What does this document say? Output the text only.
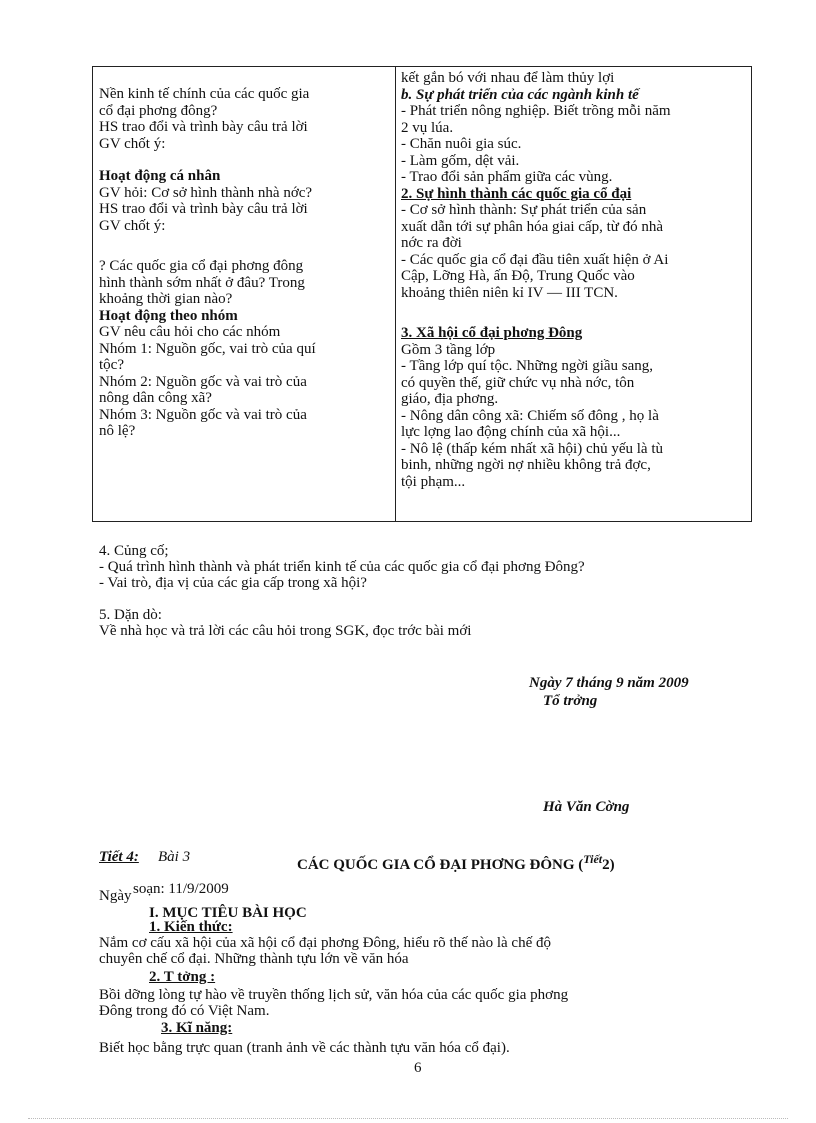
Nền kinh tế chính của các quốc gia
cổ đại phơng đông?
HS trao đổi và trình bày câu trả lời
GV chốt ý:
Hoạt động cá nhân
GV hỏi: Cơ sở hình thành nhà nớc?
HS trao đổi và trình bày câu trả lời
GV chốt ý:
? Các quốc gia cổ đại phơng đông
hình thành sớm nhất ở đâu? Trong
khoảng thời gian nào?
Hoạt động theo nhóm
GV nêu câu hỏi cho các nhóm
Nhóm 1: Nguồn gốc, vai trò của quí
tộc?
Nhóm 2: Nguồn gốc và vai trò của
nông dân công xã?
Nhóm 3: Nguồn gốc và vai trò của
nô lệ?
kết gắn bó với nhau để làm thủy lợi
b. Sự phát triển của các ngành kinh tế
- Phát triển nông nghiệp. Biết trồng mỗi năm
2 vụ lúa.
- Chăn nuôi gia súc.
- Làm gốm, dệt vải.
- Trao đổi sản phẩm giữa các vùng.
2. Sự hình thành các quốc gia cổ đại
- Cơ sở hình thành: Sự phát triển của sản
xuất dẫn tới sự phân hóa giai cấp, từ đó nhà
nớc ra đời
- Các quốc gia cổ đại đầu tiên xuất hiện ở Ai
Cập, Lỡng Hà, ấn Độ, Trung Quốc vào
khoảng thiên niên kỉ IV — III TCN.
3. Xã hội cổ đại phơng Đông
Gồm 3 tầng lớp
- Tầng lớp quí tộc. Những ngời giầu sang,
có quyền thế, giữ chức vụ nhà nớc, tôn
giáo, địa phơng.
- Nông dân công xã: Chiếm số đông , họ là
lực lợng lao động chính của xã hội...
- Nô lệ (thấp kém nhất xã hội) chủ yếu là tù
binh, những ngời nợ nhiều không trả đợc,
tội phạm...
4. Củng cố;
- Quá trình hình thành và phát triển kinh tế của các quốc gia cổ đại phơng Đông?
- Vai trò, địa vị của các gia cấp trong xã hội?
5. Dặn dò:
Về nhà học và trả lời các câu hỏi trong SGK, đọc trớc bài mới
Ngày 7 tháng 9 năm 2009
Tổ trởng
Hà Văn Cờng
Tiết 4: Bài 3	CÁC QUỐC GIA CỔ ĐẠI PHƠNG ĐÔNG ($^{Tiết}$2)
Ngày soạn: 11/9/2009
I. MỤC TIÊU BÀI HỌC
1. Kiến thức:
Nắm cơ cấu xã hội của xã hội cổ đại phơng Đông, hiểu rõ thế nào là chế độ
chuyên chế cổ đại. Những thành tựu lớn về văn hóa
2. T tởng :
Bồi dỡng lòng tự hào về truyền thống lịch sử, văn hóa của các quốc gia phơng
Đông trong đó có Việt Nam.
3. Kĩ năng:
Biết học bằng trực quan (tranh ảnh về các thành tựu văn hóa cổ đại).
6
